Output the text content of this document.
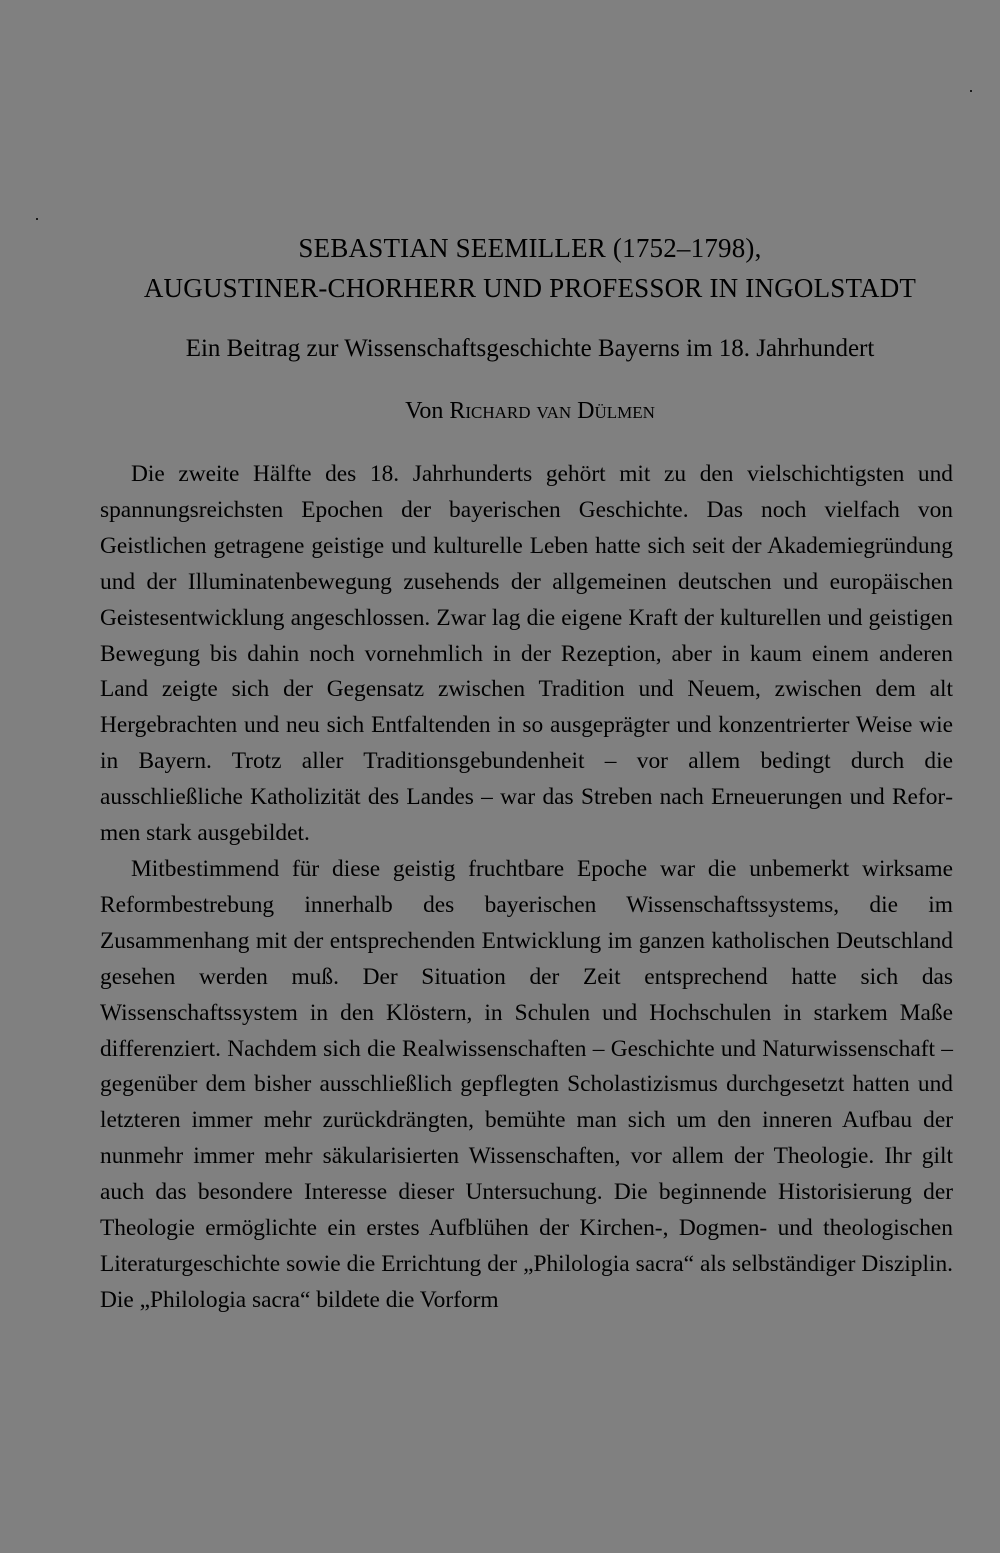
SEBASTIAN SEEMILLER (1752–1798),
AUGUSTINER-CHORHERR UND PROFESSOR IN INGOLSTADT
Ein Beitrag zur Wissenschaftsgeschichte Bayerns im 18. Jahrhundert
Von Richard van Dülmen

Die zweite Hälfte des 18. Jahrhunderts gehört mit zu den vielschichtigsten und spannungsreichsten Epochen der bayerischen Geschichte. Das noch vielfach von Geistlichen getragene geistige und kulturelle Leben hatte sich seit der Akademiegründung und der Illuminatenbewegung zusehends der allgemeinen deutschen und europäischen Geistesentwicklung angeschlossen. Zwar lag die eigene Kraft der kulturellen und geistigen Bewegung bis dahin noch vornehmlich in der Rezeption, aber in kaum einem anderen Land zeigte sich der Gegensatz zwischen Tradition und Neuem, zwischen dem alt Hergebrachten und neu sich Entfaltenden in so ausgeprägter und konzentrierter Weise wie in Bayern. Trotz aller Traditionsgebundenheit – vor allem bedingt durch die ausschließliche Katholizität des Landes – war das Streben nach Erneuerungen und Reformen stark ausgebildet.

Mitbestimmend für diese geistig fruchtbare Epoche war die unbemerkt wirksame Reformbestrebung innerhalb des bayerischen Wissenschaftssystems, die im Zusammenhang mit der entsprechenden Entwicklung im ganzen katholischen Deutschland gesehen werden muß. Der Situation der Zeit entsprechend hatte sich das Wissenschaftssystem in den Klöstern, in Schulen und Hochschulen in starkem Maße differenziert. Nachdem sich die Realwissenschaften – Geschichte und Naturwissenschaft – gegenüber dem bisher ausschließlich gepflegten Scholastizismus durchgesetzt hatten und letzteren immer mehr zurückdrängten, bemühte man sich um den inneren Aufbau der nunmehr immer mehr säkularisierten Wissenschaften, vor allem der Theologie. Ihr gilt auch das besondere Interesse dieser Untersuchung. Die beginnende Historisierung der Theologie ermöglichte ein erstes Aufblühen der Kirchen-, Dogmen- und theologischen Literaturgeschichte sowie die Errichtung der „Philologia sacra“ als selbständiger Disziplin. Die „Philologia sacra“ bildete die Vorform
